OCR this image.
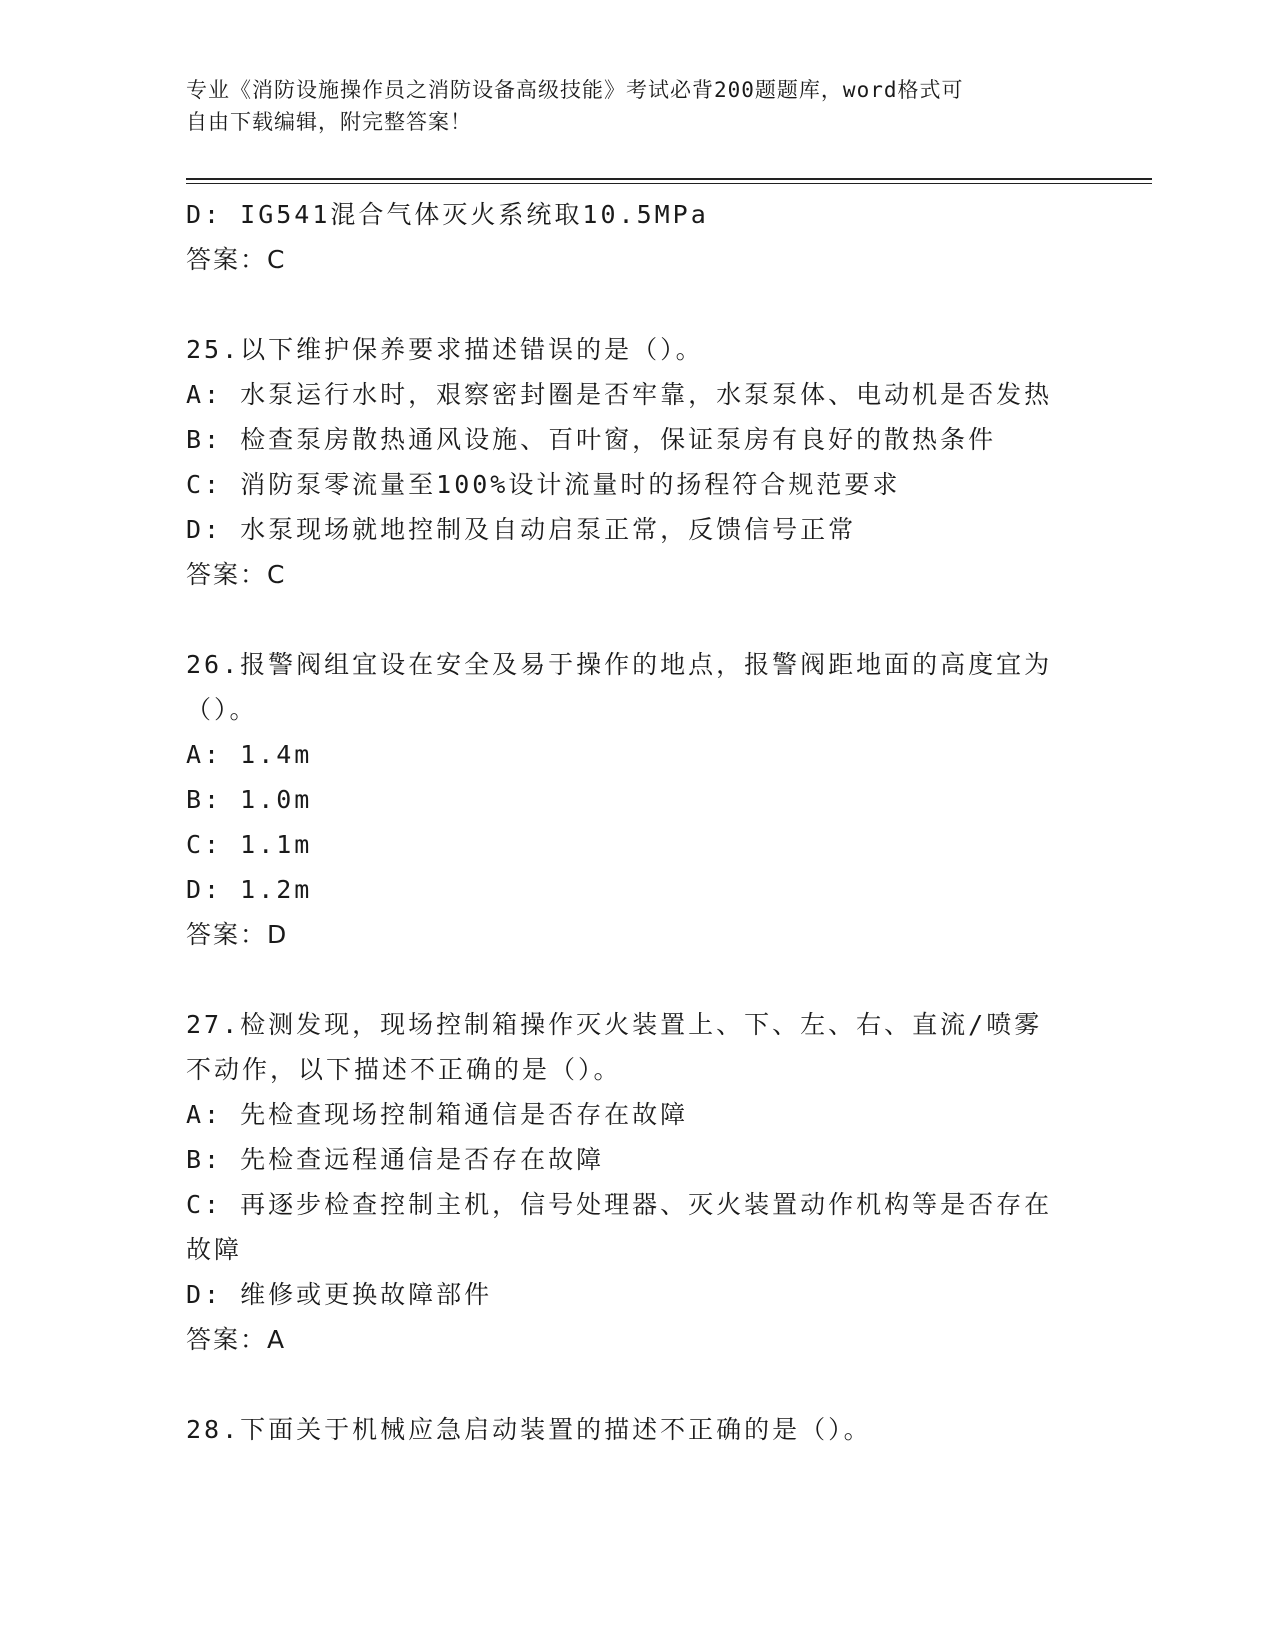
专业《消防设施操作员之消防设备高级技能》考试必背200题题库，word格式可

自由下载编辑，附完整答案！

D: IG541混合气体灭火系统取10.5MPa
答案：C
25.以下维护保养要求描述错误的是（）。
A: 水泵运行水时，艰察密封圈是否牢靠，水泵泵体、电动机是否发热
B: 检查泵房散热通风设施、百叶窗，保证泵房有良好的散热条件
C: 消防泵零流量至100%设计流量时的扬程符合规范要求
D: 水泵现场就地控制及自动启泵正常，反馈信号正常
答案：C
26.报警阀组宜设在安全及易于操作的地点，报警阀距地面的高度宜为
（）。
A: 1.4m
B: 1.0m
C: 1.1m
D: 1.2m
答案：D
27.检测发现，现场控制箱操作灭火装置上、下、左、右、直流/喷雾
不动作，以下描述不正确的是（）。
A: 先检查现场控制箱通信是否存在故障
B: 先检查远程通信是否存在故障
C: 再逐步检查控制主机，信号处理器、灭火装置动作机构等是否存在
故障
D: 维修或更换故障部件
答案：A
28.下面关于机械应急启动装置的描述不正确的是（）。
